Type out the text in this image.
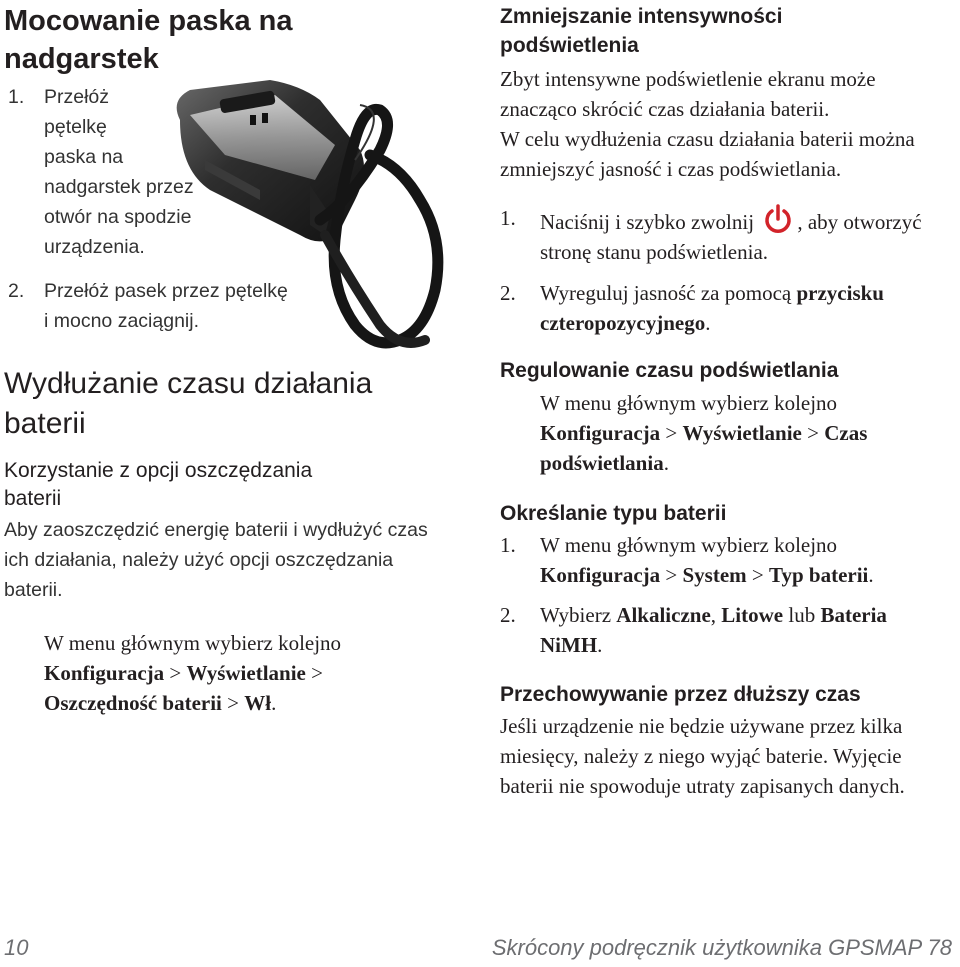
Mocowanie paska na nadgarstek
1. Przełóż
pętelkę
paska na
nadgarstek przez
otwór na spodzie
urządzenia.
2. Przełóż pasek przez pętelkę
i mocno zaciągnij.
Wydłużanie czasu działania
baterii
Korzystanie z opcji oszczędzania
baterii
Aby zaoszczędzić energię baterii i wydłużyć czas
ich działania, należy użyć opcji oszczędzania
baterii.
W menu głównym wybierz kolejno
Konfiguracja > Wyświetlanie >
Oszczędność baterii > Wł.
Zmniejszanie intensywności
podświetlenia
Zbyt intensywne podświetlenie ekranu może
znacząco skrócić czas działania baterii.
W celu wydłużenia czasu działania baterii można
zmniejszyć jasność i czas podświetlania.
1. Naciśnij i szybko zwolnij , aby otworzyć
stronę stanu podświetlenia.
2. Wyreguluj jasność za pomocą przycisku
czteropozycyjnego.
Regulowanie czasu podświetlania
W menu głównym wybierz kolejno
Konfiguracja > Wyświetlanie > Czas
podświetlania.
Określanie typu baterii
1. W menu głównym wybierz kolejno
Konfiguracja > System > Typ baterii.
2. Wybierz Alkaliczne, Litowe lub Bateria
NiMH.
Przechowywanie przez dłuższy czas
Jeśli urządzenie nie będzie używane przez kilka
miesięcy, należy z niego wyjąć baterie. Wyjęcie
baterii nie spowoduje utraty zapisanych danych.
10	Skrócony podręcznik użytkownika GPSMAP 78
